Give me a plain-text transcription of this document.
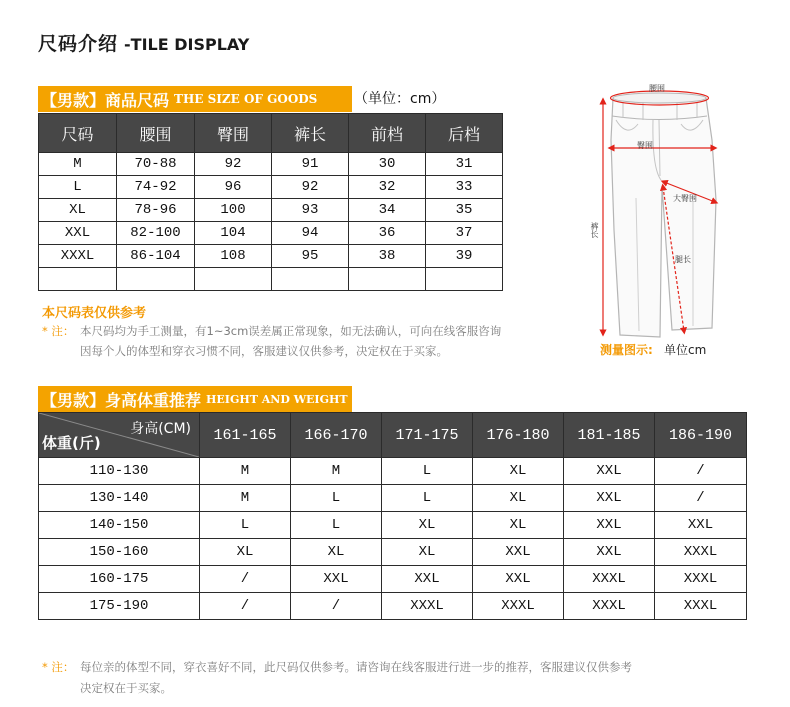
尺码介绍 -TILE DISPLAY
【男款】商品尺码 THE SIZE OF GOODS	（单位：cm）
尺码	腰围	臀围	裤长	前档	后档
M	70-88	92	91	30	31
L	74-92	96	92	32	33
XL	78-96	100	93	34	35
XXL	82-100	104	94	36	37
XXXL	86-104	108	95	38	39

本尺码表仅供参考
* 注： 本尺码均为手工测量，有1~3cm误差属正常现象，如无法确认，可向在线客服咨询
因每个人的体型和穿衣习惯不同，客服建议仅供参考，决定权在于买家。
腰围
臀围
大臀围
裤长
腿长
测量图示: 单位cm
【男款】身高体重推荐 HEIGHT AND WEIGHT
身高(CM)
体重(斤)	161-165	166-170	171-175	176-180	181-185	186-190
110-130	M	M	L	XL	XXL	/
130-140	M	L	L	XL	XXL	/
140-150	L	L	XL	XL	XXL	XXL
150-160	XL	XL	XL	XXL	XXL	XXXL
160-175	/	XXL	XXL	XXL	XXXL	XXXL
175-190	/	/	XXXL	XXXL	XXXL	XXXL
* 注： 每位亲的体型不同，穿衣喜好不同，此尺码仅供参考。请咨询在线客服进行进一步的推荐，客服建议仅供参考
决定权在于买家。
